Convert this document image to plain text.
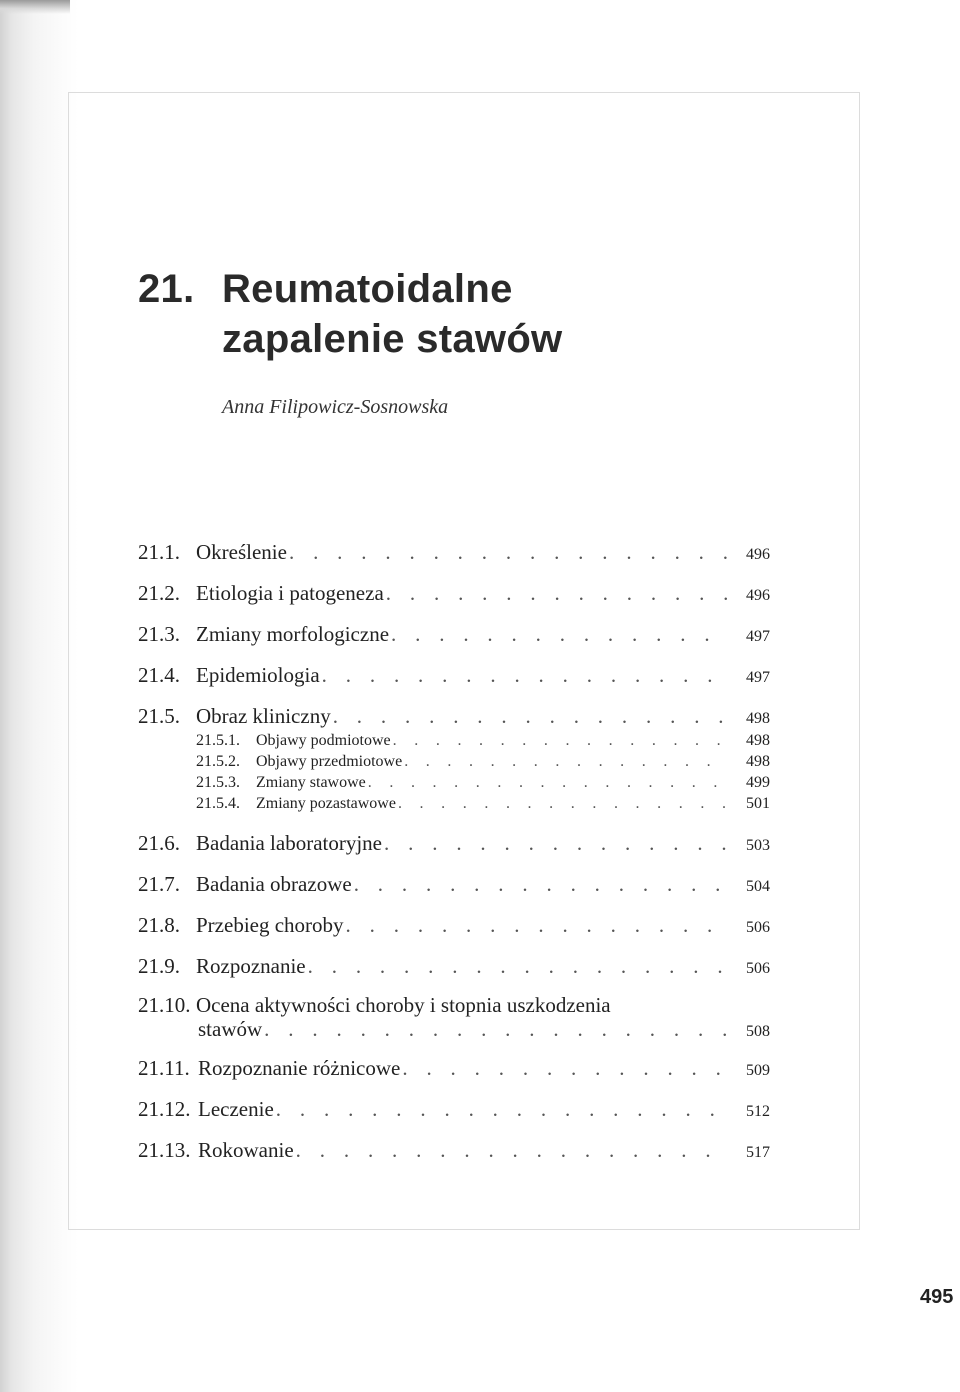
21. Reumatoidalne
zapalenie stawów
Anna Filipowicz-Sosnowska
21.1. Określenie . . .	496
21.2. Etiologia i patogeneza . . .	496
21.3. Zmiany morfologiczne . . .	497
21.4. Epidemiologia . . .	497
21.5. Obraz kliniczny . . .	498
21.5.1.	Objawy podmiotowe . . .	498
21.5.2.	Objawy przedmiotowe . . .	498
21.5.3.	Zmiany stawowe . . .	499
21.5.4.	Zmiany pozastawowe . . .	501
21.6. Badania laboratoryjne . . .	503
21.7. Badania obrazowe . . .	504
21.8. Przebieg choroby . . .	506
21.9. Rozpoznanie . . .	506
21.10. Ocena aktywności choroby i stopnia uszkodzenia
stawów . . .	508
21.11. Rozpoznanie różnicowe . . .	509
21.12. Leczenie . . .	512
21.13. Rokowanie . . .	517
495
